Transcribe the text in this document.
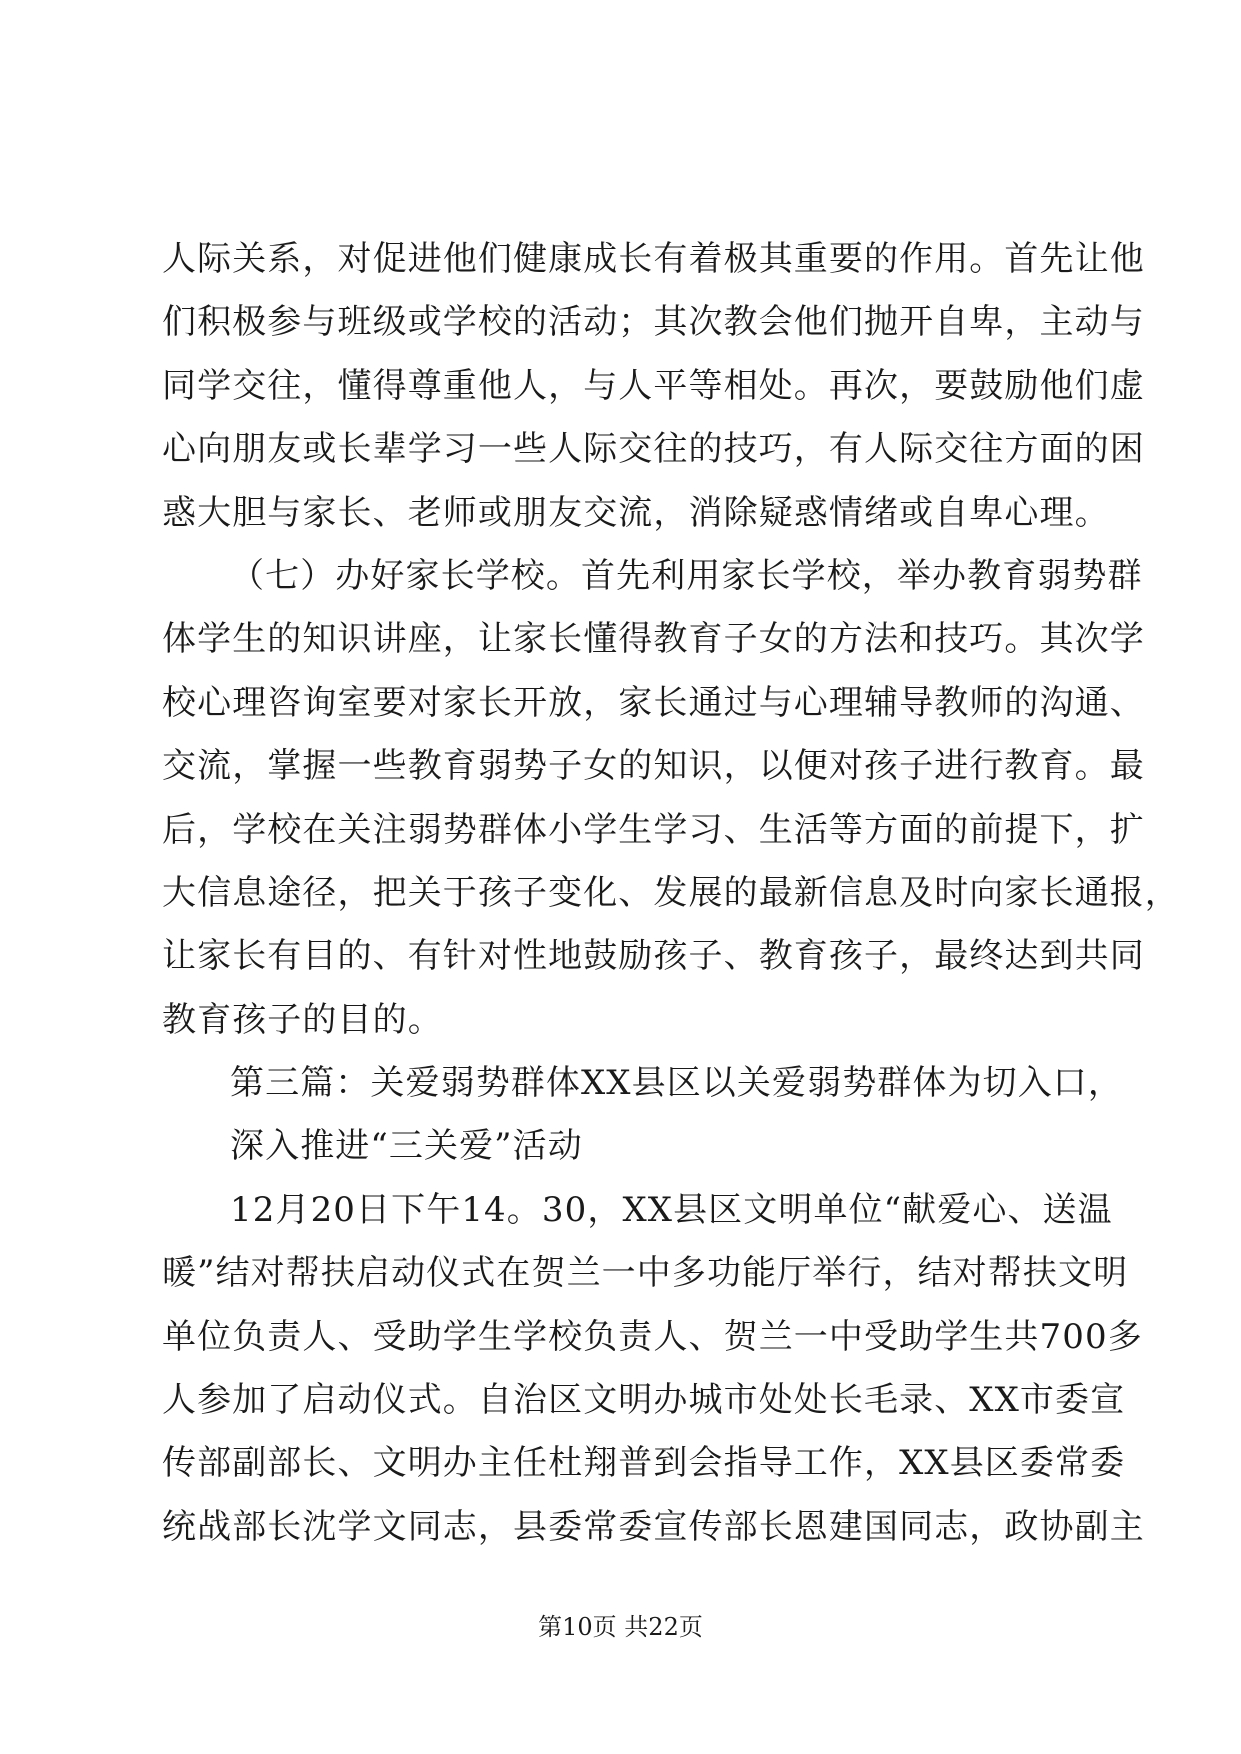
人际关系，对促进他们健康成长有着极其重要的作用。首先让他
们积极参与班级或学校的活动；其次教会他们抛开自卑，主动与
同学交往，懂得尊重他人，与人平等相处。再次，要鼓励他们虚
心向朋友或长辈学习一些人际交往的技巧，有人际交往方面的困
惑大胆与家长、老师或朋友交流，消除疑惑情绪或自卑心理。
（七）办好家长学校。首先利用家长学校，举办教育弱势群
体学生的知识讲座，让家长懂得教育子女的方法和技巧。其次学
校心理咨询室要对家长开放，家长通过与心理辅导教师的沟通、
交流，掌握一些教育弱势子女的知识，以便对孩子进行教育。最
后，学校在关注弱势群体小学生学习、生活等方面的前提下，扩
大信息途径，把关于孩子变化、发展的最新信息及时向家长通报，
让家长有目的、有针对性地鼓励孩子、教育孩子，最终达到共同
教育孩子的目的。
第三篇：关爱弱势群体XX县区以关爱弱势群体为切入口，
深入推进“三关爱”活动
12月20日下午14。30，XX县区文明单位“献爱心、送温
暖”结对帮扶启动仪式在贺兰一中多功能厅举行，结对帮扶文明
单位负责人、受助学生学校负责人、贺兰一中受助学生共700多
人参加了启动仪式。自治区文明办城市处处长毛录、XX市委宣
传部副部长、文明办主任杜翔普到会指导工作，XX县区委常委
统战部长沈学文同志，县委常委宣传部长恩建国同志，政协副主
第10页 共22页
